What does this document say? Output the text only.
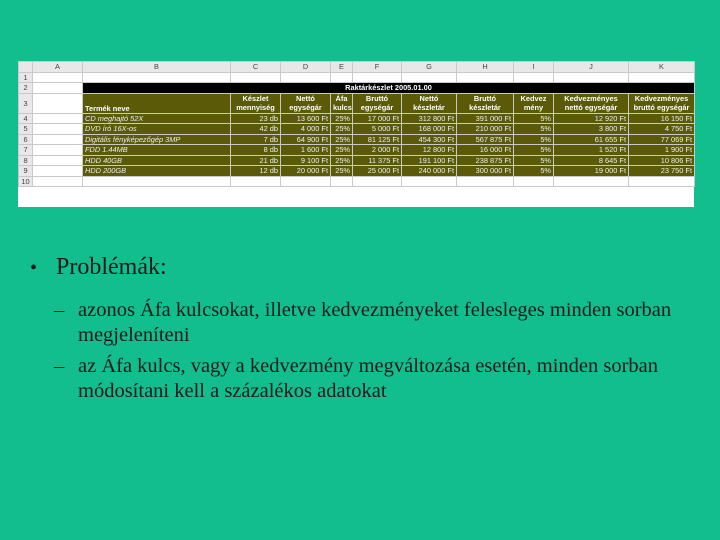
	A	B	C	D	E	F	G	H	I	J	K
1											
2		Raktárkészlet 2005.01.00									
3		Termék neve	Készlet mennyiség	Nettó egységár	Áfa kulcs	Bruttó egységár	Nettó készletár	Bruttó készletár	Kedvez mény	Kedvezményes nettó egységár	Kedvezményes bruttó egységár
4		CD meghajtó 52X	23 db	13 600 Ft	25%	17 000 Ft	312 800 Ft	391 000 Ft	5%	12 920 Ft	16 150 Ft
5		DVD író 16X-os	42 db	4 000 Ft	25%	5 000 Ft	168 000 Ft	210 000 Ft	5%	3 800 Ft	4 750 Ft
6		Digitális fényképezőgép 3MP	7 db	64 900 Ft	25%	81 125 Ft	454 300 Ft	567 875 Ft	5%	61 655 Ft	77 069 Ft
7		FDD 1.44MB	8 db	1 600 Ft	25%	2 000 Ft	12 800 Ft	16 000 Ft	5%	1 520 Ft	1 900 Ft
8		HDD 40GB	21 db	9 100 Ft	25%	11 375 Ft	191 100 Ft	238 875 Ft	5%	8 645 Ft	10 806 Ft
9		HDD 200GB	12 db	20 000 Ft	25%	25 000 Ft	240 000 Ft	300 000 Ft	5%	19 000 Ft	23 750 Ft
10											
• Problémák:
– azonos Áfa kulcsokat, illetve kedvezményeket felesleges minden sorban megjeleníteni
– az Áfa kulcs, vagy a kedvezmény megváltozása esetén, minden sorban módosítani kell a százalékos adatokat
